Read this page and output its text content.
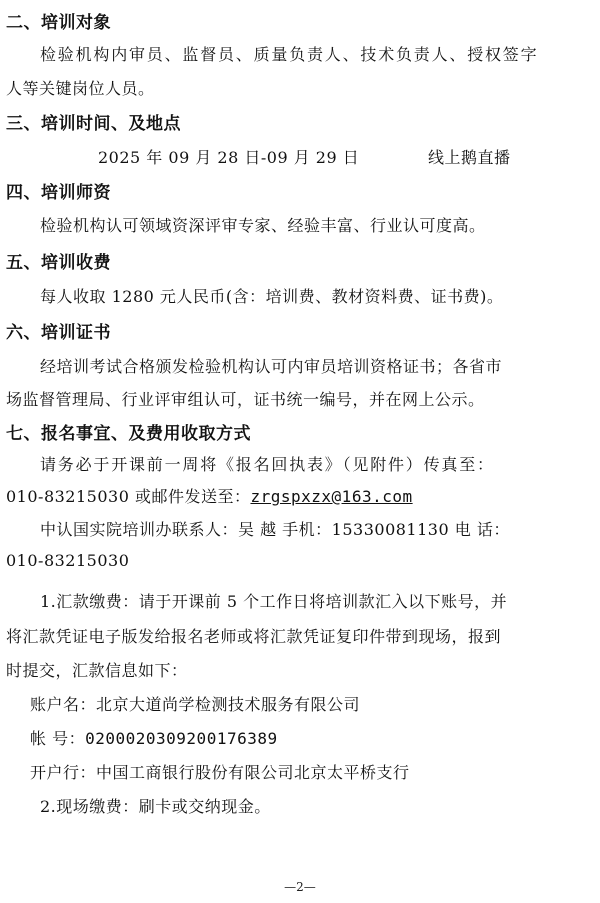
二、培训对象
检验机构内审员、监督员、质量负责人、技术负责人、授权签字
人等关键岗位人员。
三、培训时间、及地点
2025 年 09 月 28 日-09 月 29 日	线上鹅直播
四、培训师资
检验机构认可领域资深评审专家、经验丰富、行业认可度高。
五、培训收费
每人收取 1280 元人民币(含：培训费、教材资料费、证书费)。
六、培训证书
经培训考试合格颁发检验机构认可内审员培训资格证书；各省市
场监督管理局、行业评审组认可，证书统一编号，并在网上公示。
七、报名事宜、及费用收取方式
请务必于开课前一周将《报名回执表》（见附件）传真至：
010-83215030 或邮件发送至：zrgspxzx@163.com
中认国实院培训办联系人：吴 越 手机：15330081130 电 话：
010-83215030
1.汇款缴费：请于开课前 5 个工作日将培训款汇入以下账号，并
将汇款凭证电子版发给报名老师或将汇款凭证复印件带到现场，报到
时提交，汇款信息如下：
账户名：北京大道尚学检测技术服务有限公司
帐 号：0200020309200176389
开户行：中国工商银行股份有限公司北京太平桥支行
2.现场缴费：刷卡或交纳现金。
—2—
